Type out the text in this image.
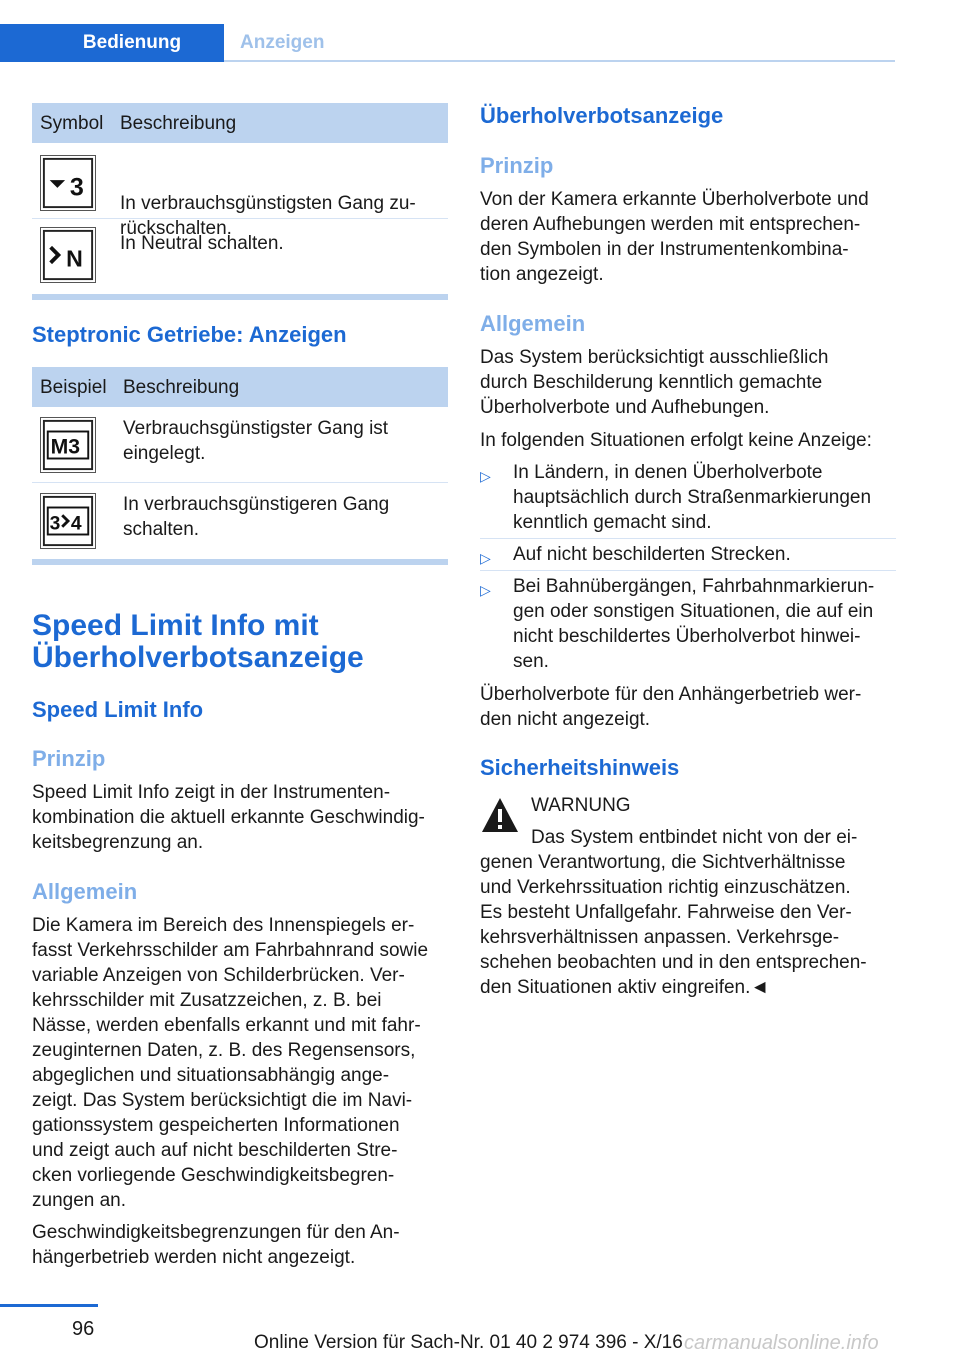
Bedienung	Anzeigen
Symbol Beschreibung
3
In verbrauchsgünstigsten Gang zu-
rückschalten.
N
In Neutral schalten.
Steptronic Getriebe: Anzeigen
Beispiel Beschreibung
M3
Verbrauchsgünstigster Gang ist
eingelegt.
3 4
In verbrauchsgünstigeren Gang
schalten.
Speed Limit Info mit
Überholverbotsanzeige
Speed Limit Info
Prinzip
Speed Limit Info zeigt in der Instrumenten-
kombination die aktuell erkannte Geschwindig-
keitsbegrenzung an.
Allgemein
Die Kamera im Bereich des Innenspiegels er-
fasst Verkehrsschilder am Fahrbahnrand sowie
variable Anzeigen von Schilderbrücken. Ver-
kehrsschilder mit Zusatzzeichen, z. B. bei
Nässe, werden ebenfalls erkannt und mit fahr-
zeuginternen Daten, z. B. des Regensensors,
abgeglichen und situationsabhängig ange-
zeigt. Das System berücksichtigt die im Navi-
gationssystem gespeicherten Informationen
und zeigt auch auf nicht beschilderten Stre-
cken vorliegende Geschwindigkeitsbegren-
zungen an.
Geschwindigkeitsbegrenzungen für den An-
hängerbetrieb werden nicht angezeigt.
Überholverbotsanzeige
Prinzip
Von der Kamera erkannte Überholverbote und
deren Aufhebungen werden mit entsprechen-
den Symbolen in der Instrumentenkombina-
tion angezeigt.
Allgemein
Das System berücksichtigt ausschließlich
durch Beschilderung kenntlich gemachte
Überholverbote und Aufhebungen.
In folgenden Situationen erfolgt keine Anzeige:
▷ In Ländern, in denen Überholverbote
hauptsächlich durch Straßenmarkierungen
kenntlich gemacht sind.
▷ Auf nicht beschilderten Strecken.
▷ Bei Bahnübergängen, Fahrbahnmarkierun-
gen oder sonstigen Situationen, die auf ein
nicht beschildertes Überholverbot hinwei-
sen.
Überholverbote für den Anhängerbetrieb wer-
den nicht angezeigt.
Sicherheitshinweis
WARNUNG
Das System entbindet nicht von der ei-
genen Verantwortung, die Sichtverhältnisse
und Verkehrssituation richtig einzuschätzen.
Es besteht Unfallgefahr. Fahrweise den Ver-
kehrsverhältnissen anpassen. Verkehrsge-
schehen beobachten und in den entsprechen-
den Situationen aktiv eingreifen.◄
96
Online Version für Sach-Nr. 01 40 2 974 396 - X/16 carmanualsonline.info
